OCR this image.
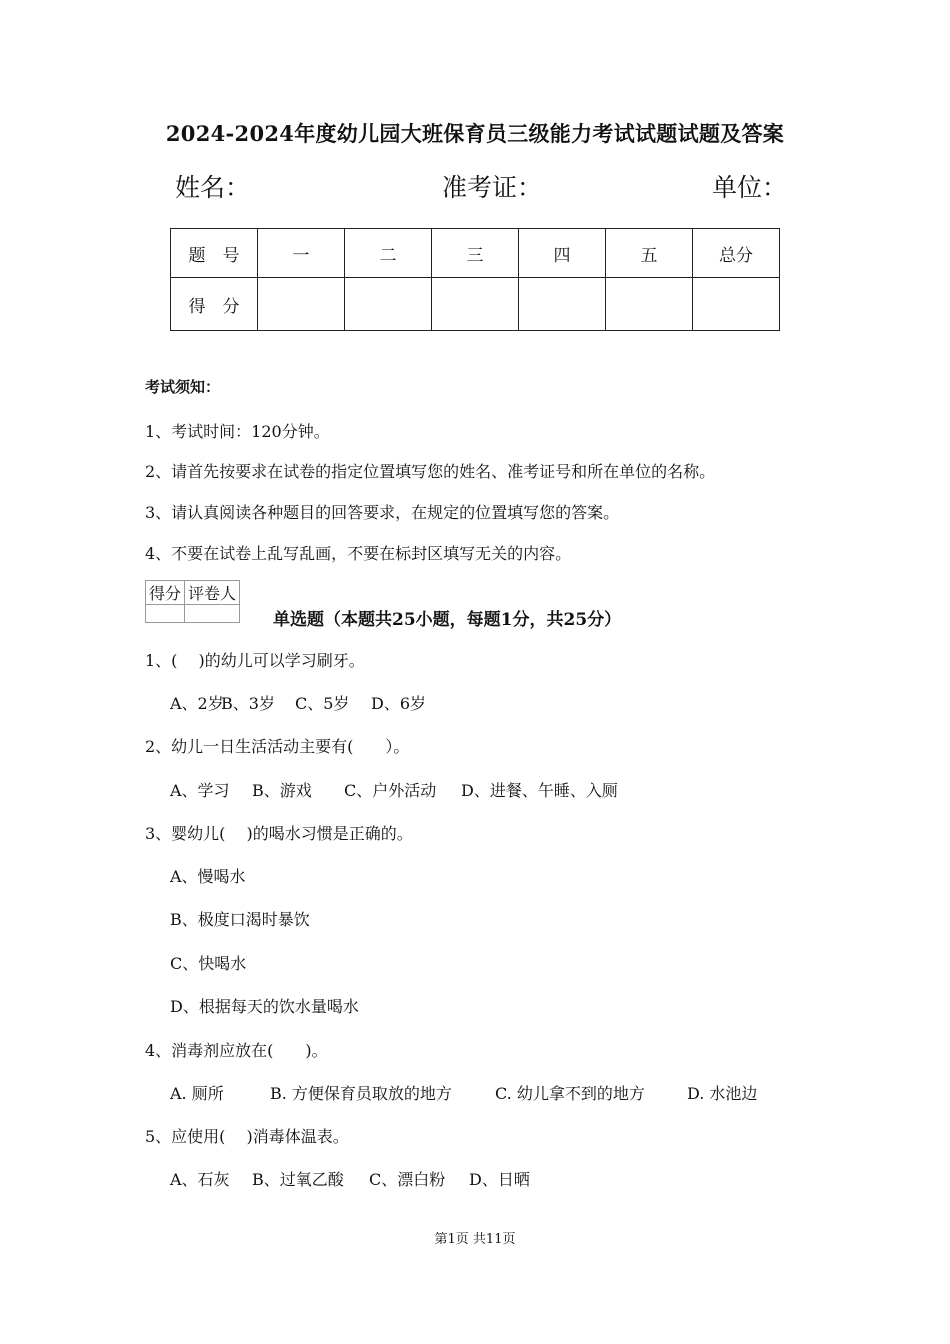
2024-2024年度幼儿园大班保育员三级能力考试试题试题及答案
姓名：	准考证：	单位：
题　号	一	二	三	四	五	总分
得　分						
考试须知：
1、考试时间：120分钟。
2、请首先按要求在试卷的指定位置填写您的姓名、准考证号和所在单位的名称。
3、请认真阅读各种题目的回答要求，在规定的位置填写您的答案。
4、不要在试卷上乱写乱画，不要在标封区填写无关的内容。
得分	评卷人

单选题（本题共25小题，每题1分，共25分）
1、(　 )的幼儿可以学习刷牙。
A、2岁B、3岁 C、5岁 D、6岁
2、幼儿一日生活活动主要有(　　）。
A、学习 B、游戏 C、户外活动 D、进餐、午睡、入厕
3、婴幼儿(　 )的喝水习惯是正确的。
A、慢喝水
B、极度口渴时暴饮
C、快喝水
D、根据每天的饮水量喝水
4、消毒剂应放在(　　)。
A. 厕所	B. 方便保育员取放的地方	C. 幼儿拿不到的地方	D. 水池边
5、应使用(　 )消毒体温表。
A、石灰 B、过氧乙酸 C、漂白粉 D、日晒
第1页 共11页
